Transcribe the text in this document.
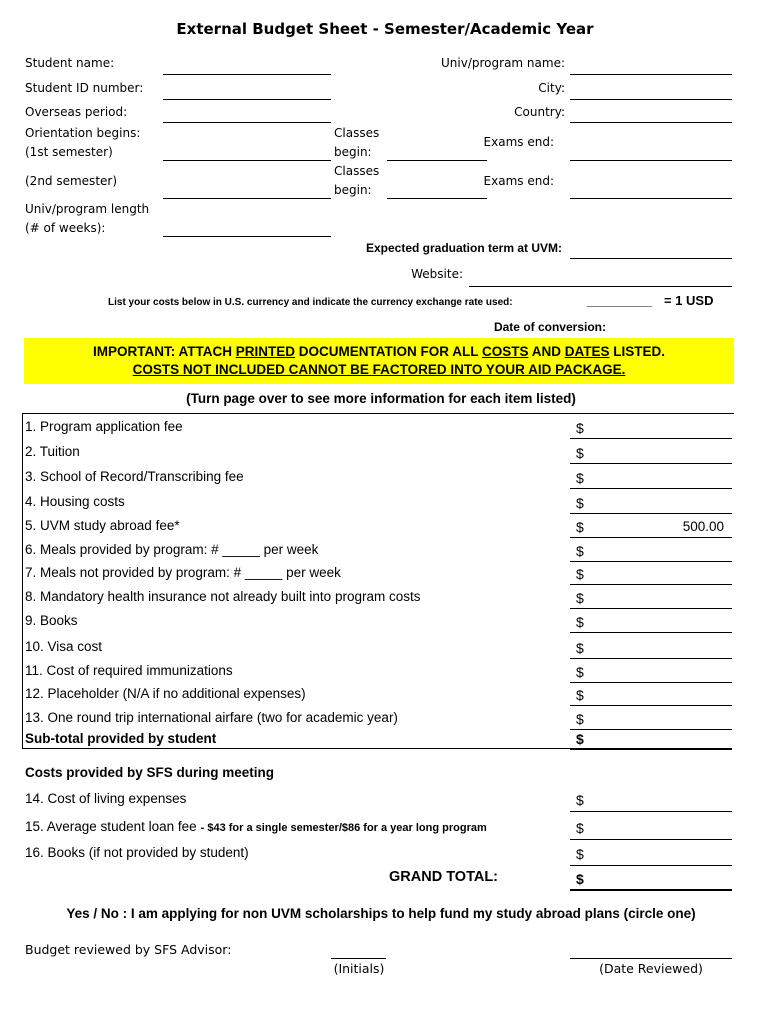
External Budget Sheet - Semester/Academic Year
Student name:	Univ/program name:
Student ID number:	City:
Overseas period:	Country:
Orientation begins:
(1st semester)
Classes
begin:
Exams end:
(2nd semester)
Classes
begin:
Exams end:
Univ/program length
(# of weeks):
Expected graduation term at UVM:
Website:
List your costs below in U.S. currency and indicate the currency exchange rate used:	_________ = 1 USD
Date of conversion:
IMPORTANT: ATTACH PRINTED DOCUMENTATION FOR ALL COSTS AND DATES LISTED.
COSTS NOT INCLUDED CANNOT BE FACTORED INTO YOUR AID PACKAGE.
(Turn page over to see more information for each item listed)
1. Program application fee	$
2. Tuition	$
3. School of Record/Transcribing fee	$
4. Housing costs	$
5. UVM study abroad fee*	$	500.00
6. Meals provided by program: # _____ per week	$
7. Meals not provided by program: # _____ per week	$
8. Mandatory health insurance not already built into program costs	$
9. Books	$
10. Visa cost	$
11. Cost of required immunizations	$
12. Placeholder (N/A if no additional expenses)	$
13. One round trip international airfare (two for academic year)	$
Sub-total provided by student	$
Costs provided by SFS during meeting
14. Cost of living expenses	$
15. Average student loan fee - $43 for a single semester/$86 for a year long program	$
16. Books (if not provided by student)	$
GRAND TOTAL:	$
Yes / No : I am applying for non UVM scholarships to help fund my study abroad plans (circle one)
Budget reviewed by SFS Advisor:
(Initials)	(Date Reviewed)
